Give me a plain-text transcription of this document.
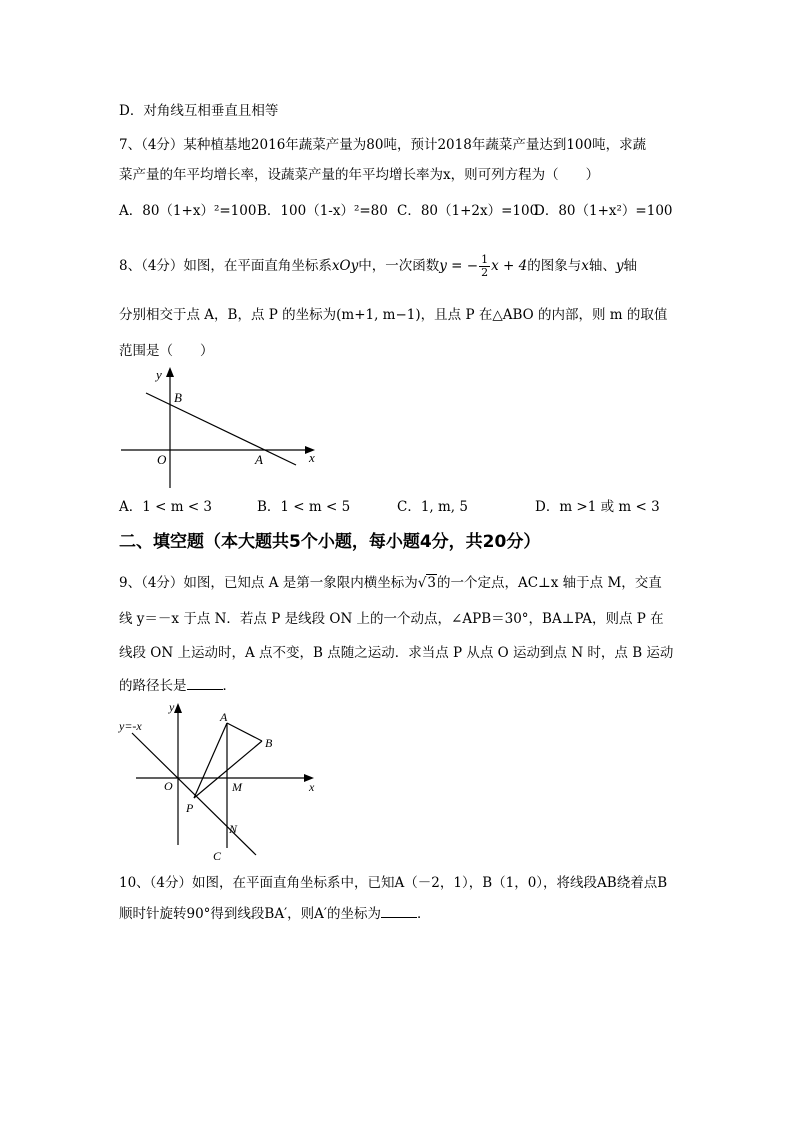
D．对角线互相垂直且相等
7、（4分）某种植基地2016年蔬菜产量为80吨，预计2018年蔬菜产量达到100吨，求蔬
菜产量的年平均增长率，设蔬菜产量的年平均增长率为x，则可列方程为（　　）
A．80（1+x）²=100 B．100（1-x）²=80 C．80（1+2x）=100
D．80（1+x²）=100
8、（4分）如图，在平面直角坐标系xOy中，一次函数y = − $\frac{1}{2}$ x + 4的图象与x轴、y轴
分别相交于点 A，B，点 P 的坐标为(m+1, m−1)，且点 P 在△ABO 的内部，则 m 的取值
范围是（　　）
y
x
B
O	A
A．1 < m < 3	B．1 < m < 5	C．1, m, 5	D．m >1 或 m < 3
二、填空题（本大题共5个小题，每小题4分，共20分）
9、（4分）如图，已知点 A 是第一象限内横坐标为√3的一个定点，AC⊥x 轴于点 M，交直
线 y＝－x 于点 N．若点 P 是线段 ON 上的一个动点，∠APB＝30°，BA⊥PA，则点 P 在
线段 ON 上运动时，A 点不变，B 点随之运动．求当点 P 从点 O 运动到点 N 时，点 B 运动
的路径长是	．
y=-x
y
A
B
O	M	x
P
N
C
10、（4分）如图，在平面直角坐标系中，已知A（－2，1），B（1，0），将线段AB绕着点B
顺时针旋转90°得到线段BA′，则A′的坐标为	．
